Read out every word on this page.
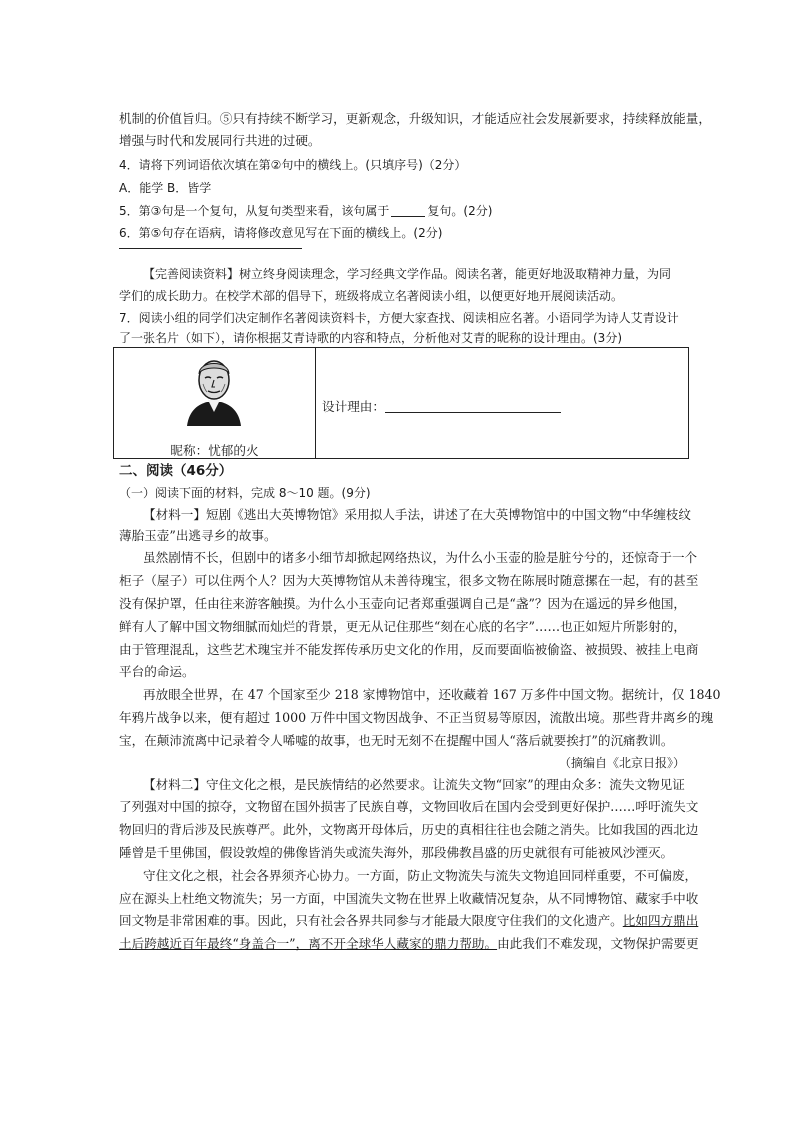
机制的价值旨归。⑤只有持续不断学习，更新观念，升级知识，才能适应社会发展新要求，持续释放能量，
增强与时代和发展同行共进的过硬。
4．请将下列词语依次填在第②句中的横线上。(只填序号)（2分）
A．能学 B．皆学
5．第③句是一个复句，从复句类型来看，该句属于	复句。(2分)
6．第⑤句存在语病，请将修改意见写在下面的横线上。(2分)
【完善阅读资料】树立终身阅读理念，学习经典文学作品。阅读名著，能更好地汲取精神力量，为同
学们的成长助力。在校学术部的倡导下，班级将成立名著阅读小组，以便更好地开展阅读活动。
7．阅读小组的同学们决定制作名著阅读资料卡，方便大家查找、阅读相应名著。小语同学为诗人艾青设计
了一张名片（如下），请你根据艾青诗歌的内容和特点，分析他对艾青的昵称的设计理由。(3分)
昵称：忧郁的火
设计理由：
二、阅读（46分）
（一）阅读下面的材料，完成 8～10 题。(9分)
【材料一】短剧《逃出大英博物馆》采用拟人手法，讲述了在大英博物馆中的中国文物“中华缠枝纹
薄胎玉壶”出逃寻乡的故事。
虽然剧情不长，但剧中的诸多小细节却掀起网络热议，为什么小玉壶的脸是脏兮兮的，还惊奇于一个
柜子（屋子）可以住两个人？因为大英博物馆从未善待瑰宝，很多文物在陈展时随意摞在一起，有的甚至
没有保护罩，任由往来游客触摸。为什么小玉壶向记者郑重强调自己是“盏”？因为在遥远的异乡他国，
鲜有人了解中国文物细腻而灿烂的背景，更无从记住那些“刻在心底的名字”……也正如短片所影射的，
由于管理混乱，这些艺术瑰宝并不能发挥传承历史文化的作用，反而要面临被偷盗、被损毁、被挂上电商
平台的命运。
再放眼全世界，在 47 个国家至少 218 家博物馆中，还收藏着 167 万多件中国文物。据统计，仅 1840
年鸦片战争以来，便有超过 1000 万件中国文物因战争、不正当贸易等原因，流散出境。那些背井离乡的瑰
宝，在颠沛流离中记录着令人唏嘘的故事，也无时无刻不在提醒中国人“落后就要挨打”的沉痛教训。
（摘编自《北京日报》）
【材料二】守住文化之根，是民族情结的必然要求。让流失文物“回家”的理由众多：流失文物见证
了列强对中国的掠夺，文物留在国外损害了民族自尊，文物回收后在国内会受到更好保护……呼吁流失文
物回归的背后涉及民族尊严。此外，文物离开母体后，历史的真相往往也会随之消失。比如我国的西北边
陲曾是千里佛国，假设敦煌的佛像皆消失或流失海外，那段佛教昌盛的历史就很有可能被风沙湮灭。
守住文化之根，社会各界须齐心协力。一方面，防止文物流失与流失文物追回同样重要，不可偏废，
应在源头上杜绝文物流失；另一方面，中国流失文物在世界上收藏情况复杂，从不同博物馆、藏家手中收
回文物是非常困难的事。因此，只有社会各界共同参与才能最大限度守住我们的文化遗产。比如四方鼎出
土后跨越近百年最终“身盖合一”，离不开全球华人藏家的鼎力帮助。由此我们不难发现，文物保护需要更
